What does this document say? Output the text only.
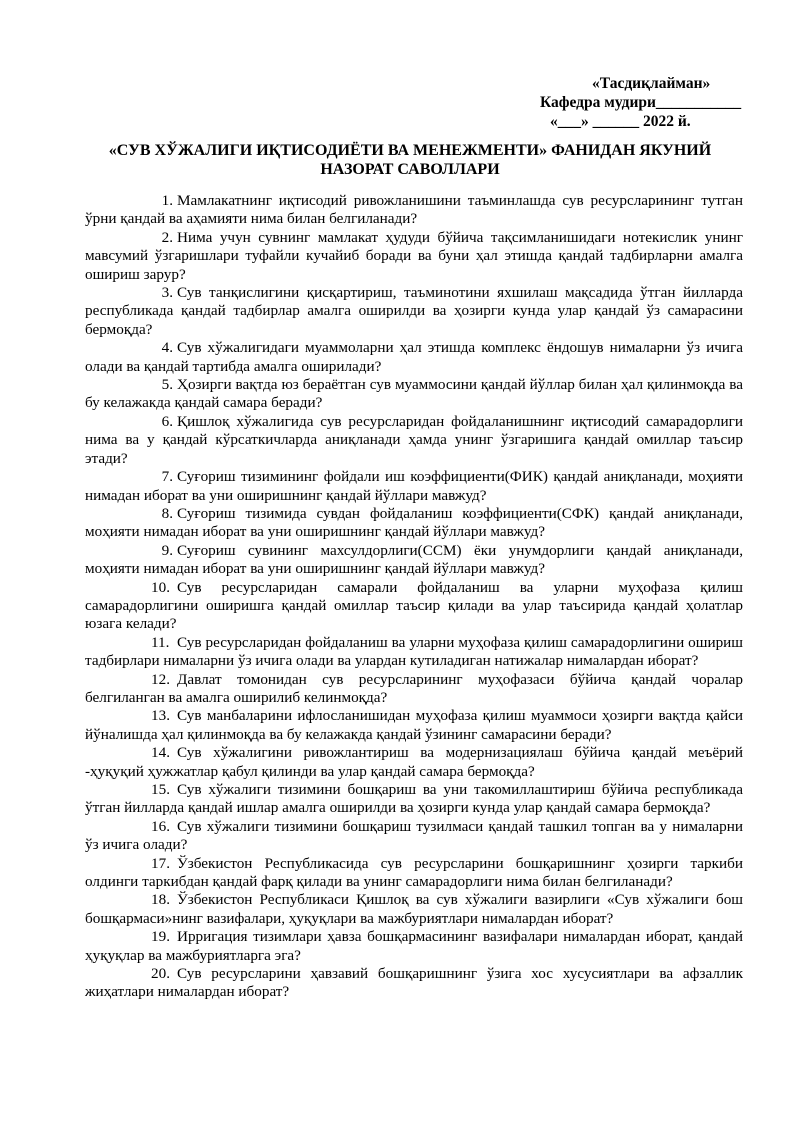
«Тасдиқлайман»
Кафедра мудири___________
«___» ______ 2022 й.
«СУВ ХЎЖАЛИГИ ИҚТИСОДИЁТИ ВА МЕНЕЖМЕНТИ» ФАНИДАН ЯКУНИЙ
НАЗОРАТ САВОЛЛАРИ
1. Мамлакатнинг иқтисодий ривожланишини таъминлашда сув ресурсларининг тутган ўрни қандай ва аҳамияти нима билан белгиланади?
2. Нима учун сувнинг мамлакат ҳудуди бўйича тақсимланишидаги нотекислик унинг мавсумий ўзгаришлари туфайли кучайиб боради ва буни ҳал этишда қандай тадбирларни амалга ошириш зарур?
3. Сув танқислигини қисқартириш, таъминотини яхшилаш мақсадида ўтган йилларда республикада қандай тадбирлар амалга оширилди ва ҳозирги кунда улар қандай ўз самарасини бермоқда?
4. Сув хўжалигидаги муаммоларни ҳал этишда комплекс ёндошув нималарни ўз ичига олади ва қандай тартибда амалга оширилади?
5. Ҳозирги вақтда юз бераётган сув муаммосини қандай йўллар билан ҳал қилинмоқда ва бу келажакда қандай самара беради?
6. Қишлоқ хўжалигида сув ресурсларидан фойдаланишнинг иқтисодий самарадорлиги нима ва у қандай кўрсаткичларда аниқланади ҳамда унинг ўзгаришига қандай омиллар таъсир этади?
7. Суғориш тизимининг фойдали иш коэффициенти(ФИК) қандай аниқланади, моҳияти нимадан иборат ва уни оширишнинг қандай йўллари мавжуд?
8. Суғориш тизимида сувдан фойдаланиш коэффициенти(СФК) қандай аниқланади, моҳияти нимадан иборат ва уни оширишнинг қандай йўллари мавжуд?
9. Суғориш сувининг махсулдорлиги(ССМ) ёки унумдорлиги қандай аниқланади, моҳияти нимадан иборат ва уни оширишнинг қандай йўллари мавжуд?
10. Сув ресурсларидан самарали фойдаланиш ва уларни муҳофаза қилиш самарадорлигини оширишга қандай омиллар таъсир қилади ва улар таъсирида қандай ҳолатлар юзага келади?
11. Сув ресурсларидан фойдаланиш ва уларни муҳофаза қилиш самарадорлигини ошириш тадбирлари нималарни ўз ичига олади ва улардан кутиладиган натижалар нималардан иборат?
12. Давлат томонидан сув ресурсларининг муҳофазаси бўйича қандай чоралар белгиланган ва амалга оширилиб келинмоқда?
13. Сув манбаларини ифлосланишидан муҳофаза қилиш муаммоси ҳозирги вақтда қайси йўналишда ҳал қилинмоқда ва бу келажакда қандай ўзининг самарасини беради?
14. Сув хўжалигини ривожлантириш ва модернизациялаш бўйича қандай меъёрий -ҳуқуқий ҳужжатлар қабул қилинди ва улар қандай самара бермоқда?
15. Сув хўжалиги тизимини бошқариш ва уни такомиллаштириш бўйича республикада ўтган йилларда қандай ишлар амалга оширилди ва ҳозирги кунда улар қандай самара бермоқда?
16. Сув хўжалиги тизимини бошқариш тузилмаси қандай ташкил топган ва у нималарни ўз ичига олади?
17. Ўзбекистон Республикасида сув ресурсларини бошқаришнинг ҳозирги таркиби олдинги таркибдан қандай фарқ қилади ва унинг самарадорлиги нима билан белгиланади?
18. Ўзбекистон Республикаси Қишлоқ ва сув хўжалиги вазирлиги «Сув хўжалиги бош бошқармаси»нинг вазифалари, ҳуқуқлари ва мажбуриятлари нималардан иборат?
19. Ирригация тизимлари ҳавза бошқармасининг вазифалари нималардан иборат, қандай ҳуқуқлар ва мажбуриятларга эга?
20. Сув ресурсларини ҳавзавий бошқаришнинг ўзига хос хусусиятлари ва афзаллик жиҳатлари нималардан иборат?
